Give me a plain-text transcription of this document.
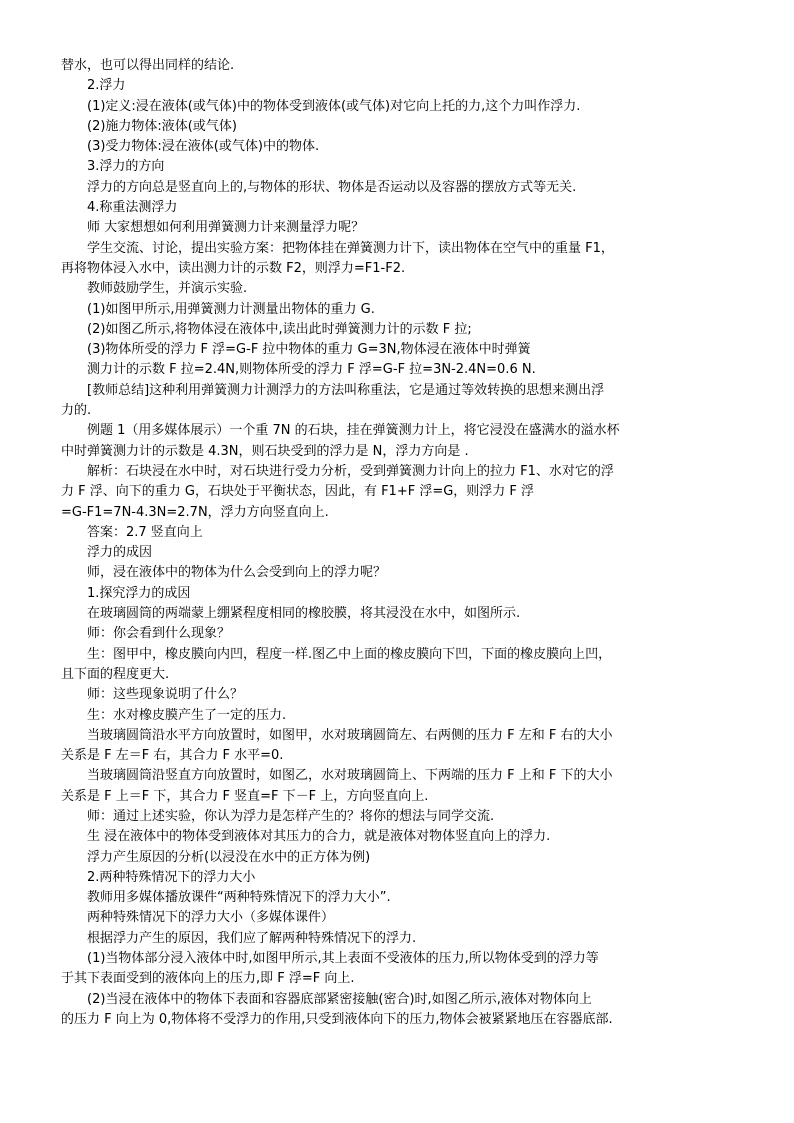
替水，也可以得出同样的结论.
2.浮力
(1)定义:浸在液体(或气体)中的物体受到液体(或气体)对它向上托的力,这个力叫作浮力.
(2)施力物体:液体(或气体)
(3)受力物体:浸在液体(或气体)中的物体.
3.浮力的方向
浮力的方向总是竖直向上的,与物体的形状、物体是否运动以及容器的摆放方式等无关.
4.称重法测浮力
师 大家想想如何利用弹簧测力计来测量浮力呢？
学生交流、讨论，提出实验方案：把物体挂在弹簧测力计下，读出物体在空气中的重量 F1，
再将物体浸入水中，读出测力计的示数 F2，则浮力=F1-F2.
教师鼓励学生，并演示实验.
(1)如图甲所示,用弹簧测力计测量出物体的重力 G.
(2)如图乙所示,将物体浸在液体中,读出此时弹簧测力计的示数 F 拉;
(3)物体所受的浮力 F 浮=G-F 拉中物体的重力 G=3N,物体浸在液体中时弹簧
测力计的示数 F 拉=2.4N,则物体所受的浮力 F 浮=G-F 拉=3N-2.4N=0.6 N.
[教师总结]这种利用弹簧测力计测浮力的方法叫称重法，它是通过等效转换的思想来测出浮
力的.
例题 1（用多媒体展示）一个重 7N 的石块，挂在弹簧测力计上，将它浸没在盛满水的溢水杯
中时弹簧测力计的示数是 4.3N，则石块受到的浮力是 N，浮力方向是 .
解析：石块浸在水中时，对石块进行受力分析，受到弹簧测力计向上的拉力 F1、水对它的浮
力 F 浮、向下的重力 G，石块处于平衡状态，因此，有 F1+F 浮=G，则浮力 F 浮
=G-F1=7N-4.3N=2.7N，浮力方向竖直向上.
答案：2.7 竖直向上
浮力的成因
师，浸在液体中的物体为什么会受到向上的浮力呢？
1.探究浮力的成因
在玻璃圆筒的两端蒙上绷紧程度相同的橡胶膜，将其浸没在水中，如图所示.
师：你会看到什么现象？
生：图甲中，橡皮膜向内凹，程度一样.图乙中上面的橡皮膜向下凹，下面的橡皮膜向上凹，
且下面的程度更大.
师：这些现象说明了什么？
生：水对橡皮膜产生了一定的压力.
当玻璃圆筒沿水平方向放置时，如图甲，水对玻璃圆筒左、右两侧的压力 F 左和 F 右的大小
关系是 F 左＝F 右，其合力 F 水平=0.
当玻璃圆筒沿竖直方向放置时，如图乙，水对玻璃圆筒上、下两端的压力 F 上和 F 下的大小
关系是 F 上＝F 下，其合力 F 竖直=F 下－F 上，方向竖直向上.
师：通过上述实验，你认为浮力是怎样产生的？将你的想法与同学交流.
生 浸在液体中的物体受到液体对其压力的合力，就是液体对物体竖直向上的浮力.
浮力产生原因的分析(以浸没在水中的正方体为例)
2.两种特殊情况下的浮力大小
教师用多媒体播放课件“两种特殊情况下的浮力大小”.
两种特殊情况下的浮力大小（多媒体课件）
根据浮力产生的原因，我们应了解两种特殊情况下的浮力.
(1)当物体部分浸入液体中时,如图甲所示,其上表面不受液体的压力,所以物体受到的浮力等
于其下表面受到的液体向上的压力,即 F 浮=F 向上.
(2)当浸在液体中的物体下表面和容器底部紧密接触(密合)时,如图乙所示,液体对物体向上
的压力 F 向上为 0,物体将不受浮力的作用,只受到液体向下的压力,物体会被紧紧地压在容器底部.
